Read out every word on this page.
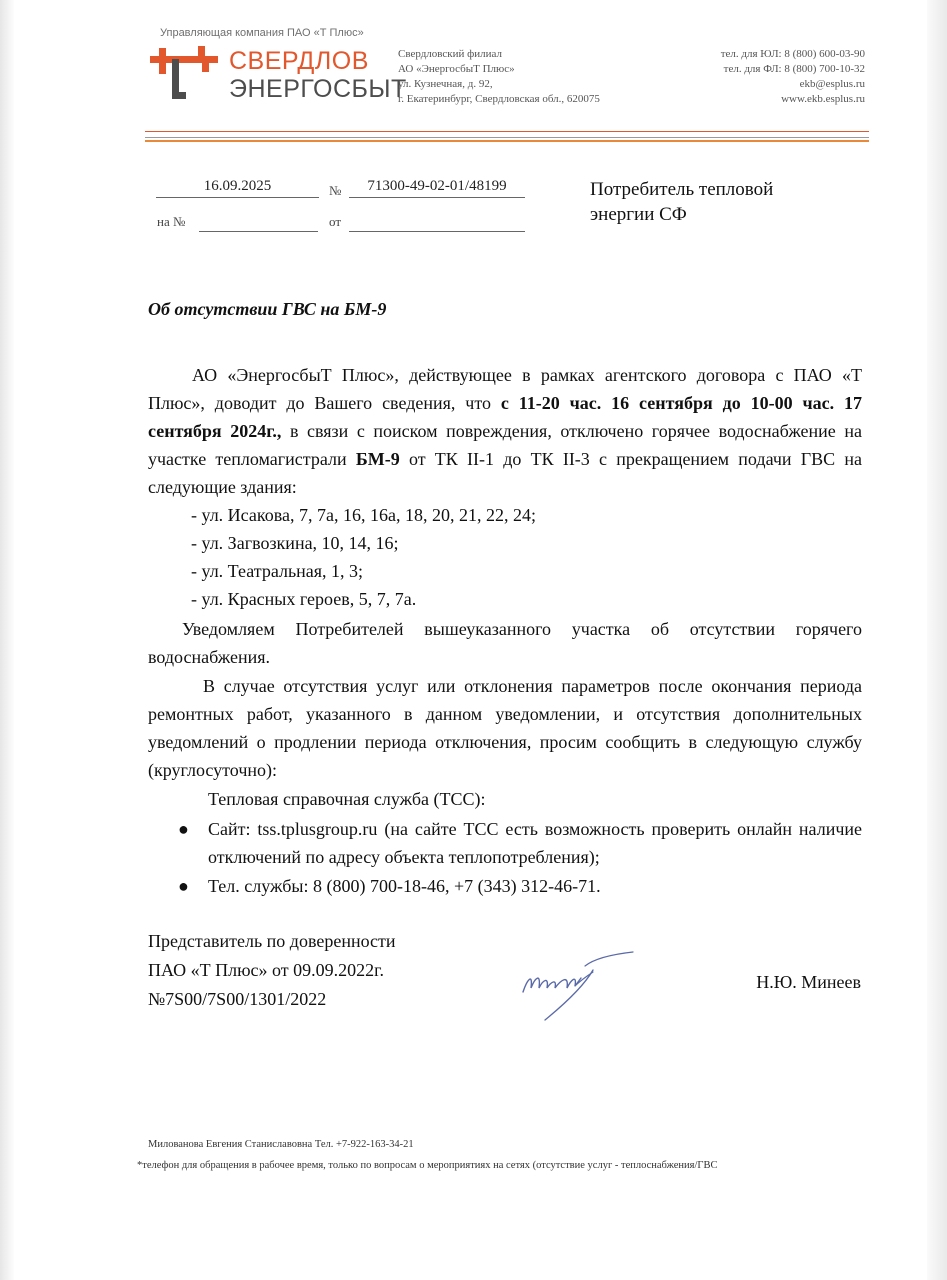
Управляющая компания ПАО «Т Плюс»
СВЕРДЛОВ
ЭНЕРГОСБЫТ
Свердловский филиал
АО «ЭнергосбыТ Плюс»
ул. Кузнечная, д. 92,
г. Екатеринбург, Свердловская обл., 620075
тел. для ЮЛ: 8 (800) 600-03-90
тел. для ФЛ: 8 (800) 700-10-32
ekb@esplus.ru
www.ekb.esplus.ru
16.09.2025	№	71300-49-02-01/48199
на №	от
Потребитель тепловой
энергии СФ
Об отсутствии ГВС на БМ-9

АО «ЭнергосбыТ Плюс», действующее в рамках агентского договора с ПАО «Т Плюс», доводит до Вашего сведения, что с 11-20 час. 16 сентября до 10-00 час. 17 сентября 2024г., в связи с поиском повреждения, отключено горячее водоснабжение на участке тепломагистрали БМ-9 от ТК II-1 до ТК II-3 с прекращением подачи ГВС на следующие здания:

- ул. Исакова, 7, 7а, 16, 16а, 18, 20, 21, 22, 24;
- ул. Загвозкина, 10, 14, 16;
- ул. Театральная, 1, 3;
- ул. Красных героев, 5, 7, 7а.

Уведомляем Потребителей вышеуказанного участка об отсутствии горячего водоснабжения.

В случае отсутствия услуг или отклонения параметров после окончания периода ремонтных работ, указанного в данном уведомлении, и отсутствия дополнительных уведомлений о продлении периода отключения, просим сообщить в следующую службу (круглосуточно):

Тепловая справочная служба (ТСС):
●	Сайт: tss.tplusgroup.ru (на сайте ТСС есть возможность проверить онлайн наличие отключений по адресу объекта теплопотребления);
●	Тел. службы: 8 (800) 700-18-46, +7 (343) 312-46-71.
Представитель по доверенности
ПАО «Т Плюс» от 09.09.2022г.
№7S00/7S00/1301/2022
Н.Ю. Минеев
Милованова Евгения Станиславовна Тел. +7-922-163-34-21
*телефон для обращения в рабочее время, только по вопросам о мероприятиях на сетях (отсутствие услуг - теплоснабжения/ГВС
